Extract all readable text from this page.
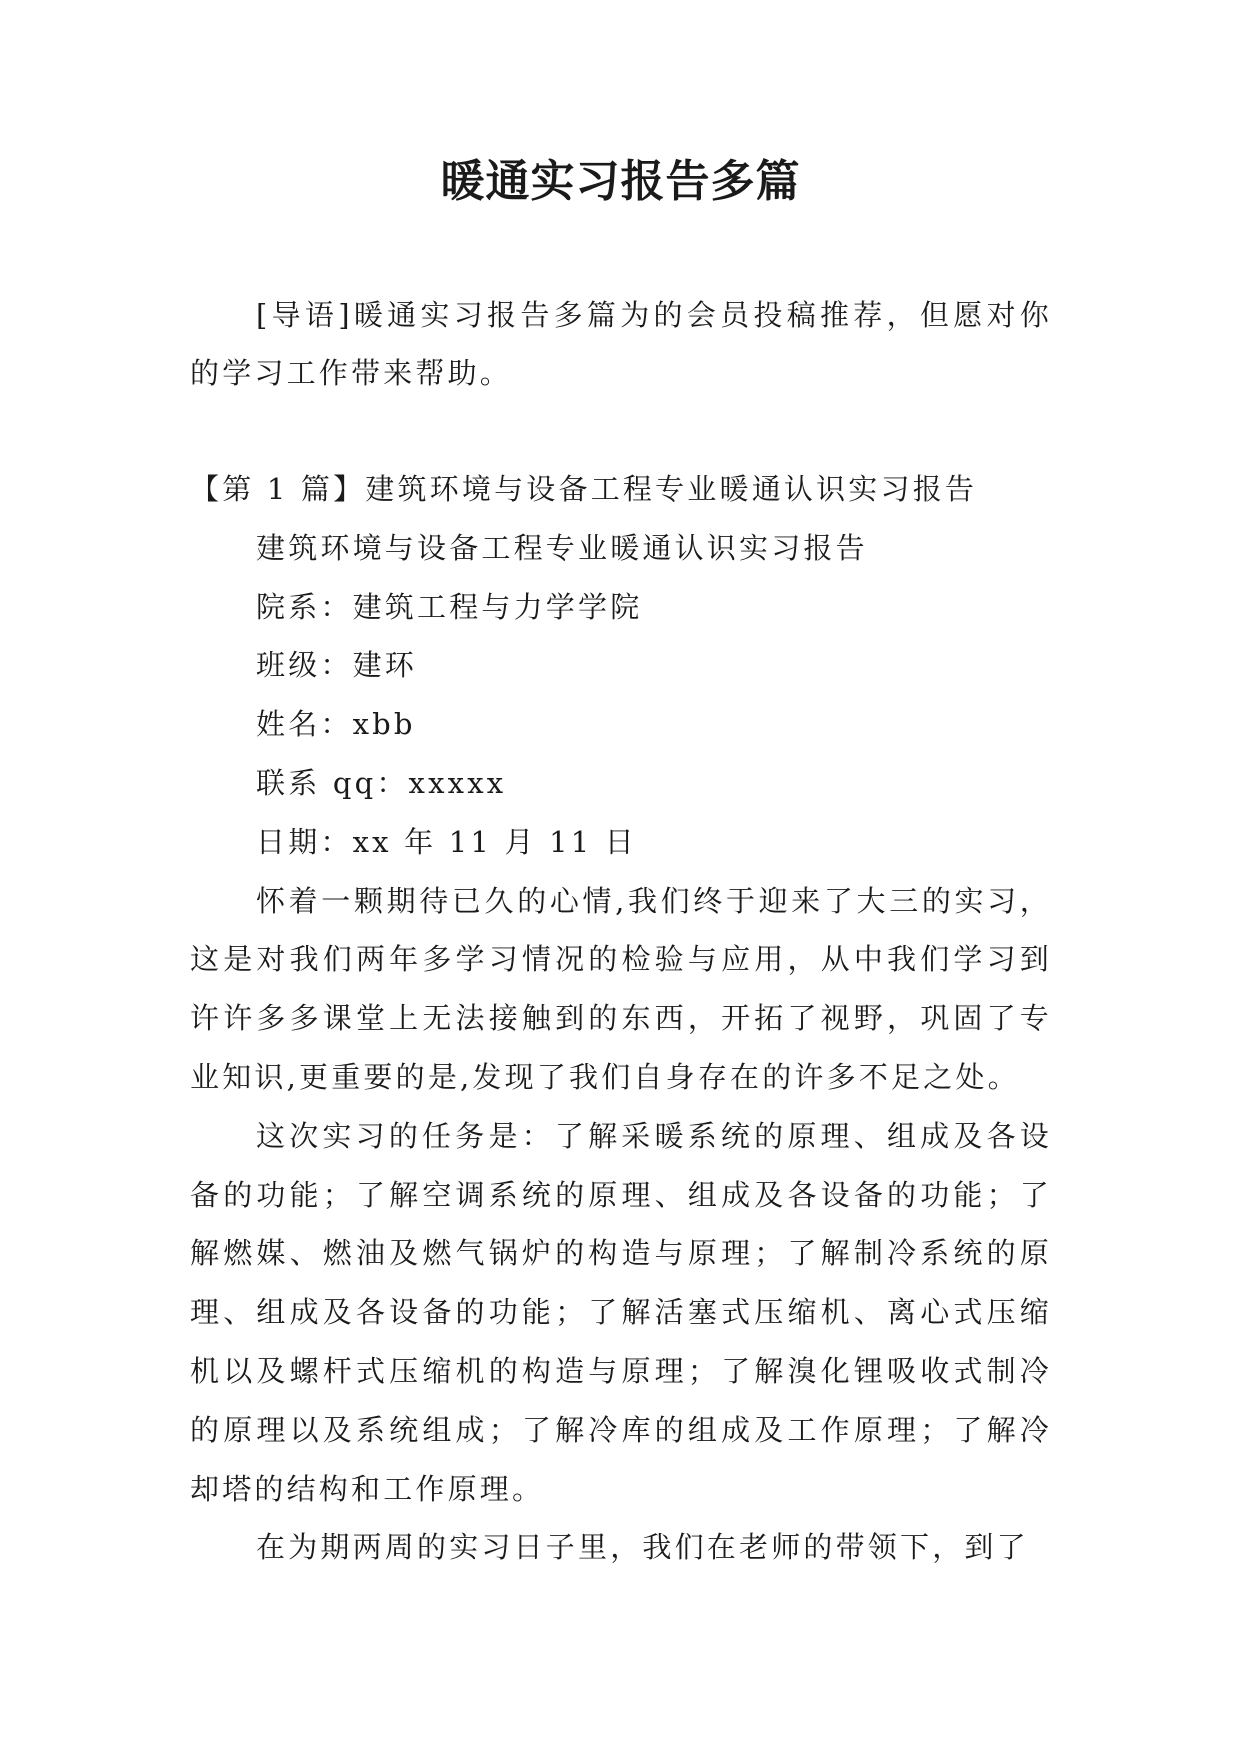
暖通实习报告多篇

[导语]暖通实习报告多篇为的会员投稿推荐，但愿对你的学习工作带来帮助。

【第 1 篇】建筑环境与设备工程专业暖通认识实习报告

建筑环境与设备工程专业暖通认识实习报告

院系：建筑工程与力学学院

班级：建环

姓名：xbb

联系 qq：xxxxx

日期：xx 年 11 月 11 日

怀着一颗期待已久的心情,我们终于迎来了大三的实习，这是对我们两年多学习情况的检验与应用，从中我们学习到许许多多课堂上无法接触到的东西，开拓了视野，巩固了专业知识,更重要的是,发现了我们自身存在的许多不足之处。

这次实习的任务是：了解采暖系统的原理、组成及各设备的功能；了解空调系统的原理、组成及各设备的功能；了解燃媒、燃油及燃气锅炉的构造与原理；了解制冷系统的原理、组成及各设备的功能；了解活塞式压缩机、离心式压缩机以及螺杆式压缩机的构造与原理；了解溴化锂吸收式制冷的原理以及系统组成；了解冷库的组成及工作原理；了解冷却塔的结构和工作原理。

在为期两周的实习日子里，我们在老师的带领下，到了
